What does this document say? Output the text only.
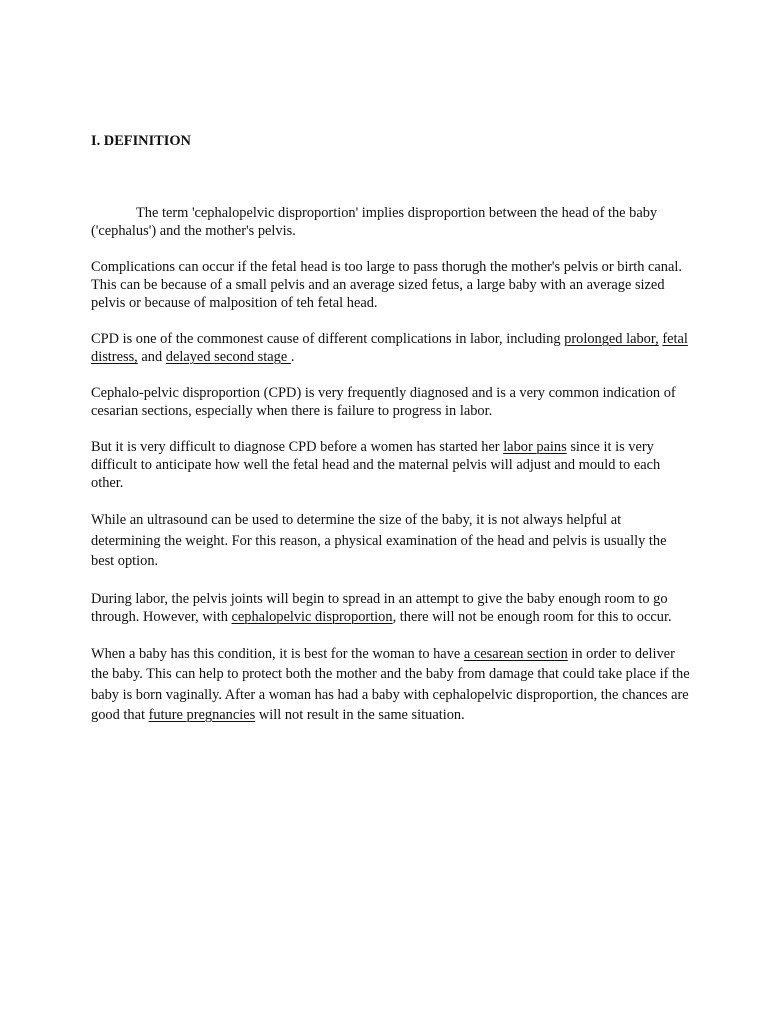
I. DEFINITION

The term 'cephalopelvic disproportion' implies disproportion between the head of the baby ('cephalus') and the mother's pelvis.

Complications can occur if the fetal head is too large to pass thorugh the mother's pelvis or birth canal. This can be because of a small pelvis and an average sized fetus, a large baby with an average sized pelvis or because of malposition of teh fetal head.

CPD is one of the commonest cause of different complications in labor, including prolonged labor, fetal distress, and delayed second stage .

Cephalo-pelvic disproportion (CPD) is very frequently diagnosed and is a very common indication of cesarian sections, especially when there is failure to progress in labor.

But it is very difficult to diagnose CPD before a women has started her labor pains since it is very difficult to anticipate how well the fetal head and the maternal pelvis will adjust and mould to each other.

While an ultrasound can be used to determine the size of the baby, it is not always helpful at determining the weight. For this reason, a physical examination of the head and pelvis is usually the best option.

During labor, the pelvis joints will begin to spread in an attempt to give the baby enough room to go through. However, with cephalopelvic disproportion, there will not be enough room for this to occur.

When a baby has this condition, it is best for the woman to have a cesarean section in order to deliver the baby. This can help to protect both the mother and the baby from damage that could take place if the baby is born vaginally. After a woman has had a baby with cephalopelvic disproportion, the chances are good that future pregnancies will not result in the same situation.
